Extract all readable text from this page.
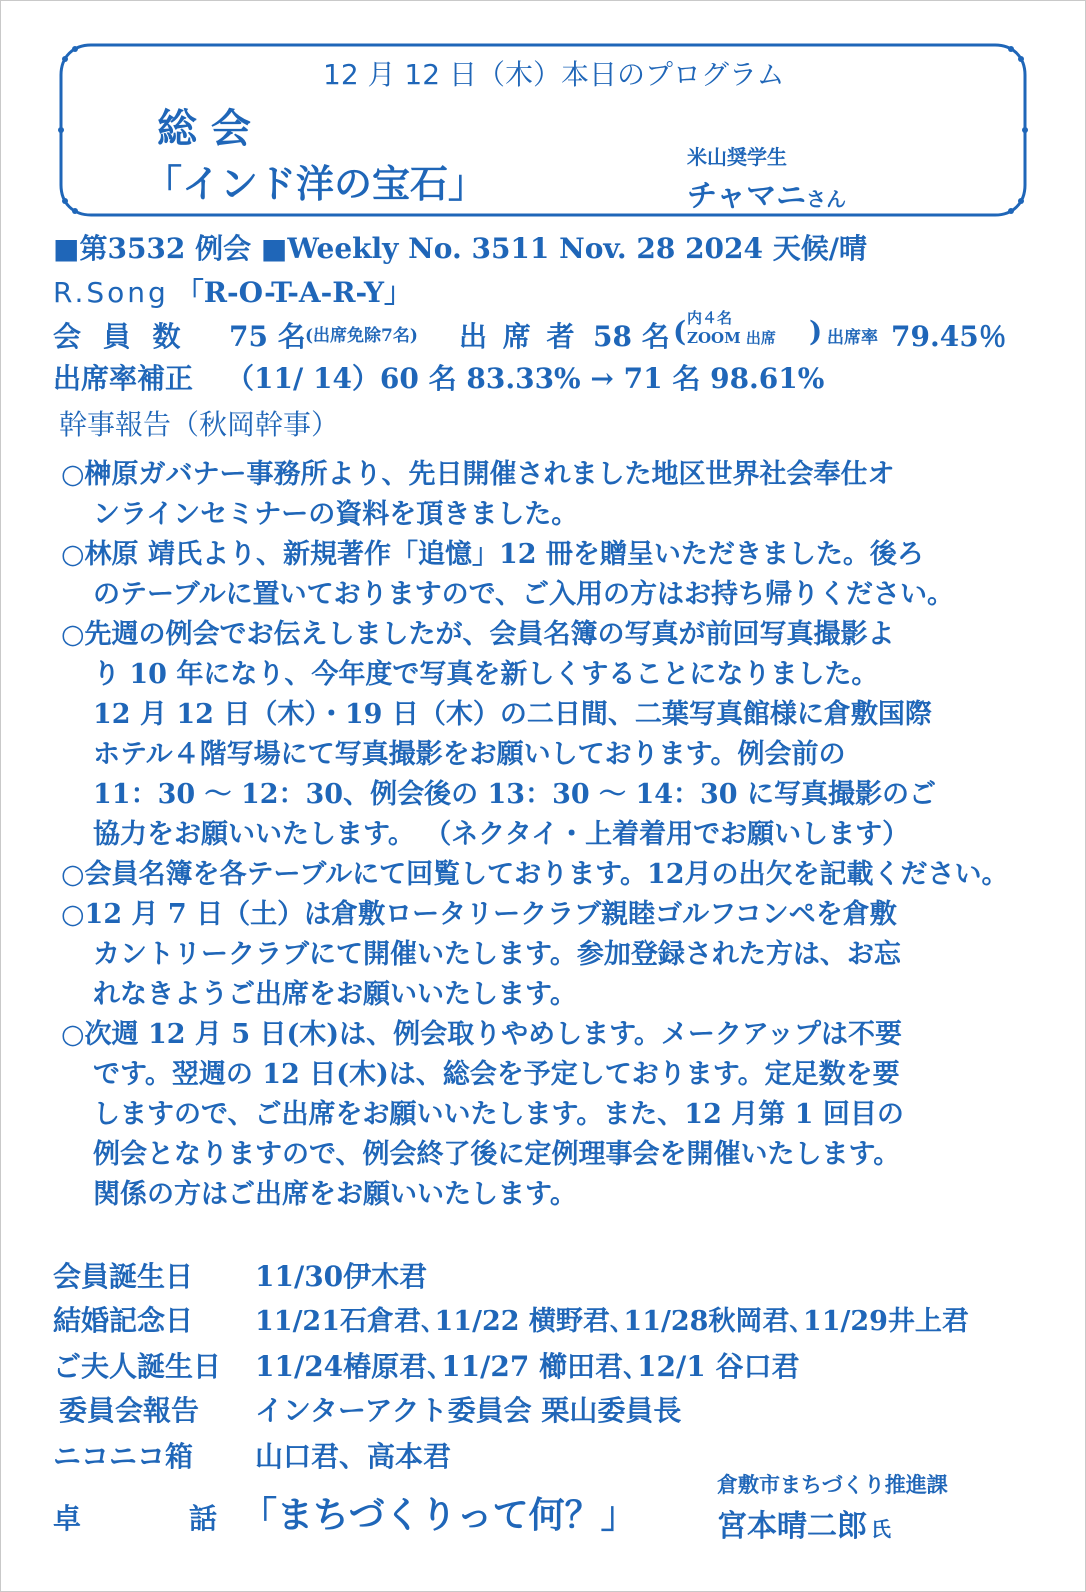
12 月 12 日（木）本日のプログラム
総 会
「インド洋の宝石」
米山奨学生
チャマニさん
■第3532 例会 ■Weekly No. 3511 Nov. 28 2024 天候/晴
R.Song 「R-O-T-A-R-Y」
会 員 数 75 名 (出席免除7名) 出 席 者 58 名 ( 内４名
ZOOM 出席 ) 出席率 79.45％
出席率補正 （11/ 14）60 名 83.33% → 71 名 98.61%
幹事報告（秋岡幹事）
○榊原ガバナー事務所より、先日開催されました地区世界社会奉仕オ
ンラインセミナーの資料を頂きました。
○林原 靖氏より、新規著作「追憶」12 冊を贈呈いただきました。後ろ
のテーブルに置いておりますので、ご入用の方はお持ち帰りください。
○先週の例会でお伝えしましたが、会員名簿の写真が前回写真撮影よ
り 10 年になり、今年度で写真を新しくすることになりました。
12 月 12 日（木）・19 日（木）の二日間、二葉写真館様に倉敷国際
ホテル４階写場にて写真撮影をお願いしております。例会前の
11：30 〜 12：30、例会後の 13：30 〜 14：30 に写真撮影のご
協力をお願いいたします。 （ネクタイ・上着着用でお願いします）
○会員名簿を各テーブルにて回覧しております。12月の出欠を記載ください。
○12 月 7 日（土）は倉敷ロータリークラブ親睦ゴルフコンペを倉敷
カントリークラブにて開催いたします。参加登録された方は、お忘
れなきようご出席をお願いいたします。
○次週 12 月 5 日(木)は、例会取りやめします。メークアップは不要
です。翌週の 12 日(木)は、総会を予定しております。定足数を要
しますので、ご出席をお願いいたします。また、12 月第 1 回目の
例会となりますので、例会終了後に定例理事会を開催いたします。
関係の方はご出席をお願いいたします。
会員誕生日 11/30伊木君
結婚記念日 11/21石倉君､11/22 横野君､11/28秋岡君､11/29井上君
ご夫人誕生日 11/24椿原君､11/27 櫛田君､12/1 谷口君
委員会報告 インターアクト委員会 栗山委員長
ニコニコ箱 山口君、高本君
卓	話 「まちづくりって何？」
倉敷市まちづくり推進課
宮本晴二郎 氏
